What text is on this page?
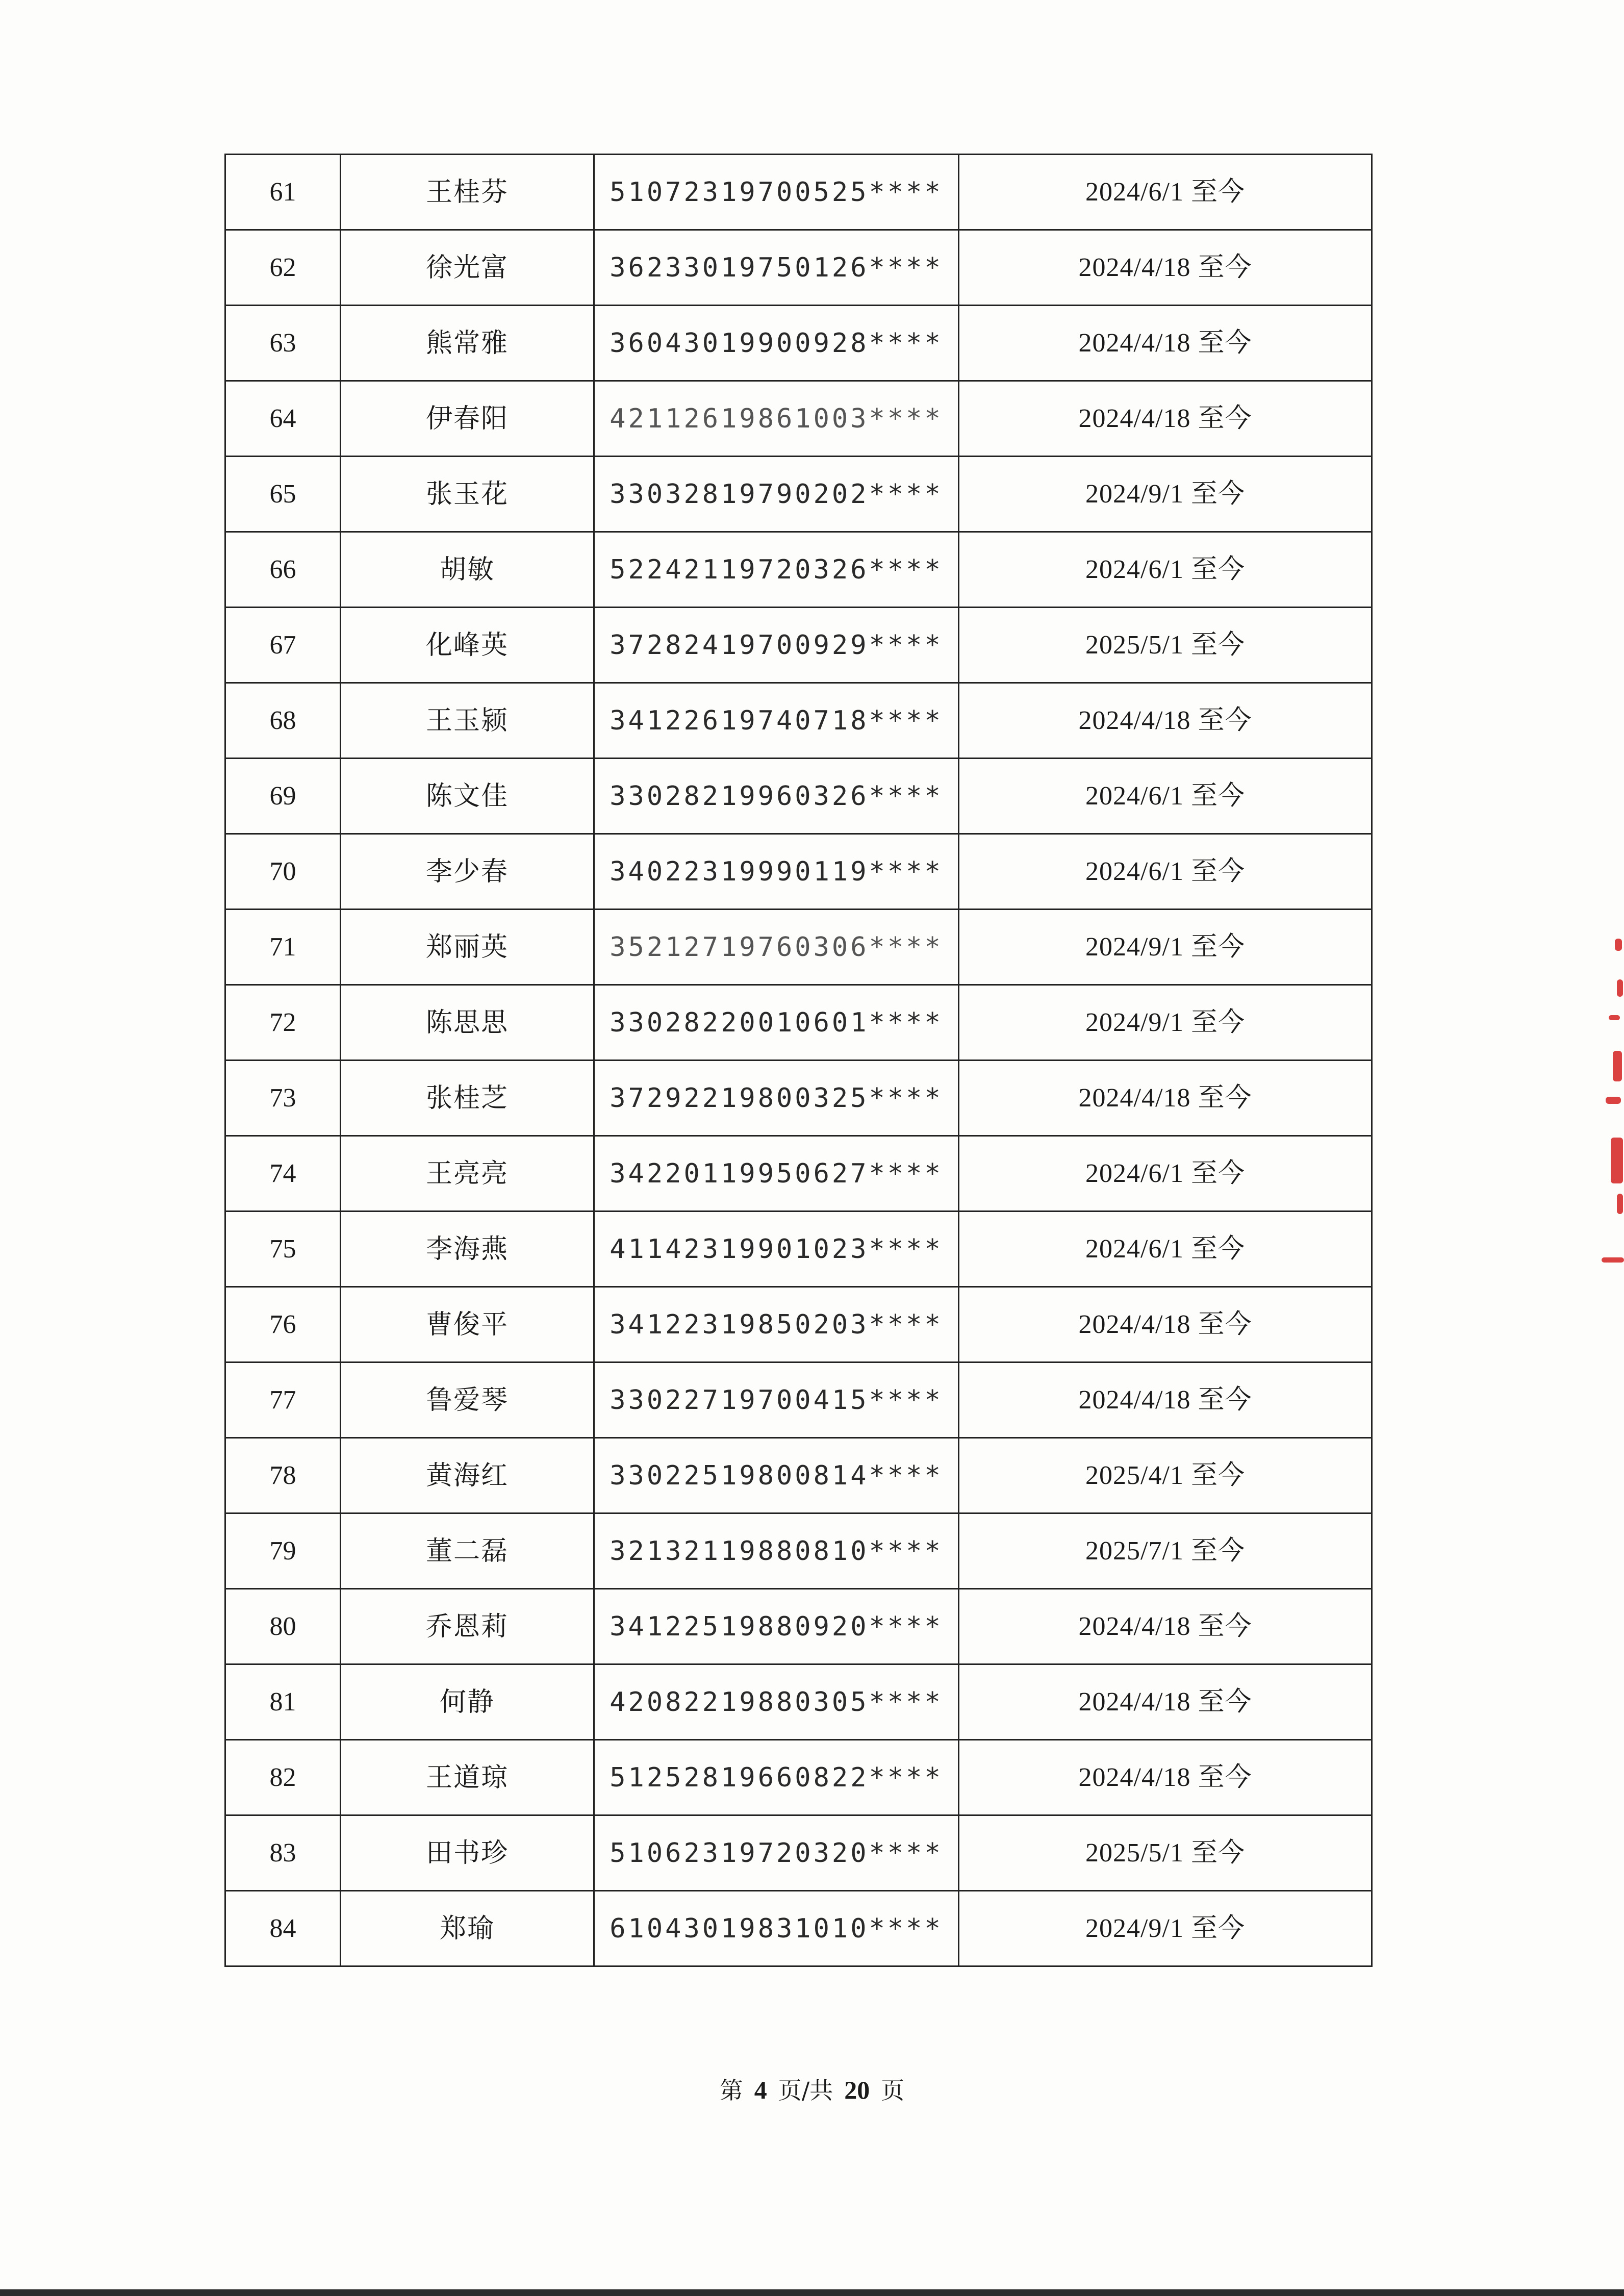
61	王桂芬	51072319700525****	2024/6/1 至今
62	徐光富	36233019750126****	2024/4/18 至今
63	熊常雅	36043019900928****	2024/4/18 至今
64	伊春阳	42112619861003****	2024/4/18 至今
65	张玉花	33032819790202****	2024/9/1 至今
66	胡敏	52242119720326****	2024/6/1 至今
67	化峰英	37282419700929****	2025/5/1 至今
68	王玉颍	34122619740718****	2024/4/18 至今
69	陈文佳	33028219960326****	2024/6/1 至今
70	李少春	34022319990119****	2024/6/1 至今
71	郑丽英	35212719760306****	2024/9/1 至今
72	陈思思	33028220010601****	2024/9/1 至今
73	张桂芝	37292219800325****	2024/4/18 至今
74	王亮亮	34220119950627****	2024/6/1 至今
75	李海燕	41142319901023****	2024/6/1 至今
76	曹俊平	34122319850203****	2024/4/18 至今
77	鲁爱琴	33022719700415****	2024/4/18 至今
78	黄海红	33022519800814****	2025/4/1 至今
79	董二磊	32132119880810****	2025/7/1 至今
80	乔恩莉	34122519880920****	2024/4/18 至今
81	何静	42082219880305****	2024/4/18 至今
82	王道琼	51252819660822****	2024/4/18 至今
83	田书珍	51062319720320****	2025/5/1 至今
84	郑瑜	61043019831010****	2024/9/1 至今
第 4 页/共 20 页
